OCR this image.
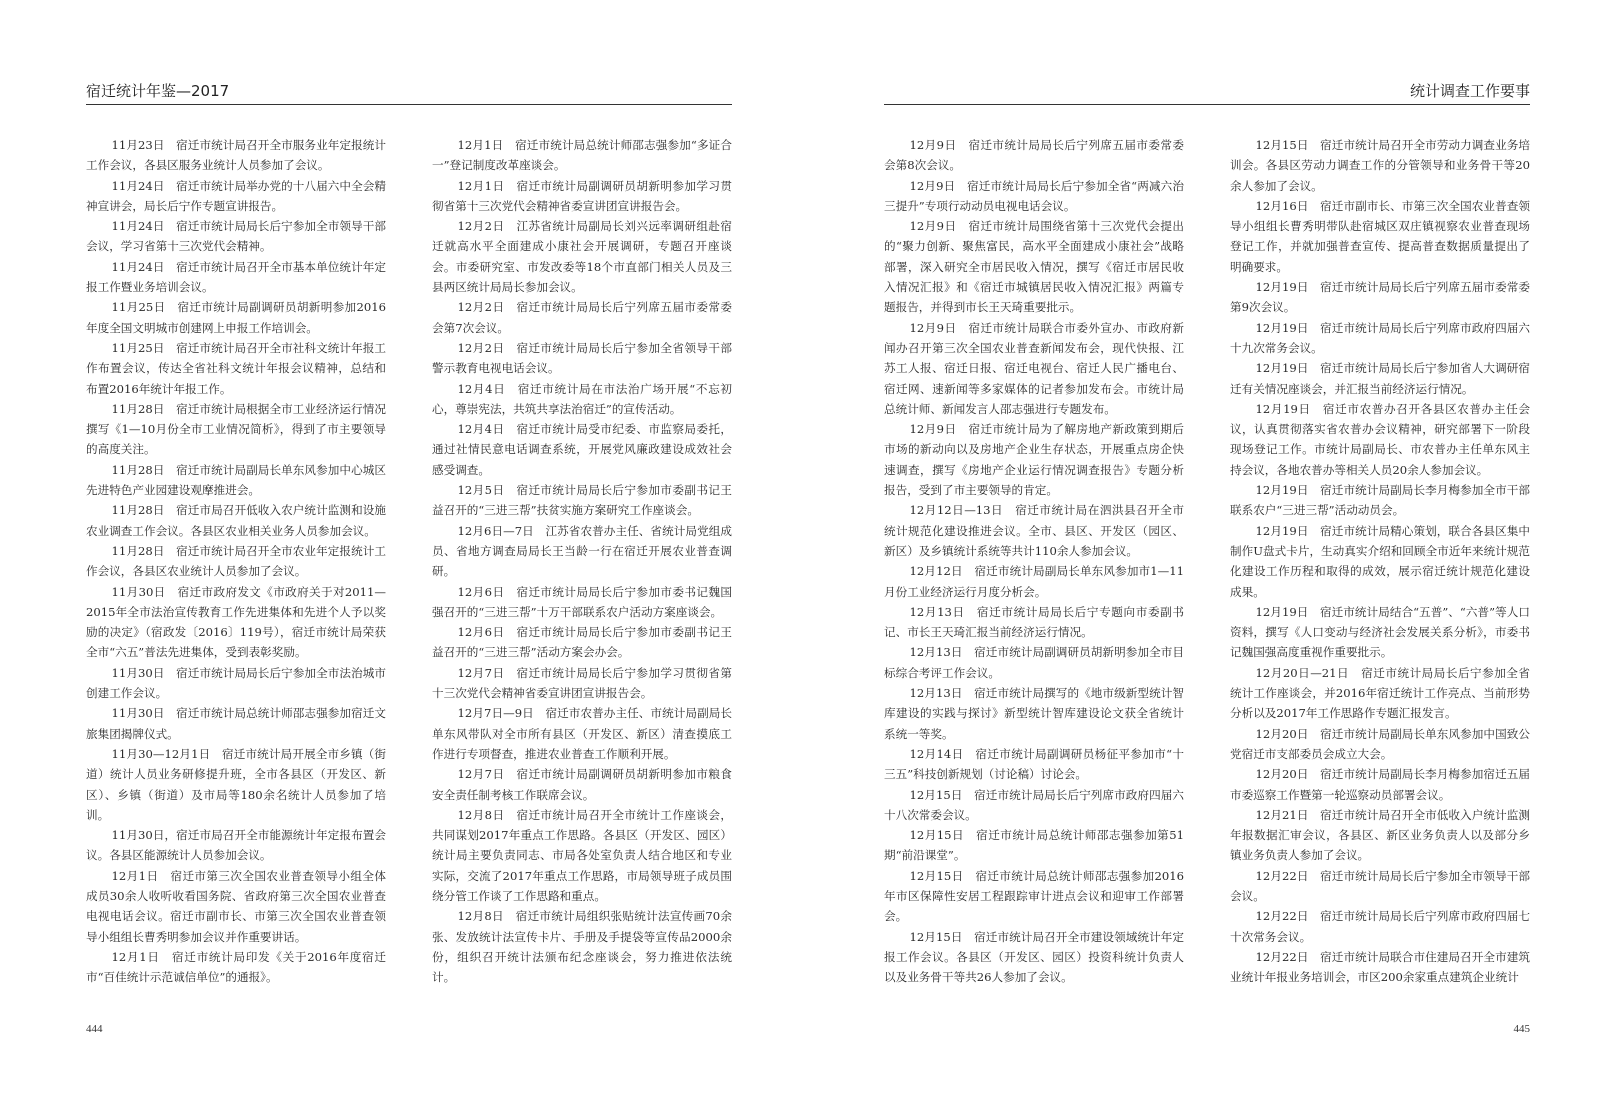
宿迁统计年鉴—2017

11月23日　宿迁市统计局召开全市服务业年定报统计工作会议，各县区服务业统计人员参加了会议。

11月24日　宿迁市统计局举办党的十八届六中全会精神宣讲会，局长后宁作专题宣讲报告。

11月24日　宿迁市统计局局长后宁参加全市领导干部会议，学习省第十三次党代会精神。

11月24日　宿迁市统计局召开全市基本单位统计年定报工作暨业务培训会议。

11月25日　宿迁市统计局副调研员胡新明参加2016年度全国文明城市创建网上申报工作培训会。

11月25日　宿迁市统计局召开全市社科文统计年报工作布置会议，传达全省社科文统计年报会议精神，总结和布置2016年统计年报工作。

11月28日　宿迁市统计局根据全市工业经济运行情况撰写《1—10月份全市工业情况简析》，得到了市主要领导的高度关注。

11月28日　宿迁市统计局副局长单东风参加中心城区先进特色产业园建设观摩推进会。

11月28日　宿迁市局召开低收入农户统计监测和设施农业调查工作会议。各县区农业相关业务人员参加会议。

11月28日　宿迁市统计局召开全市农业年定报统计工作会议，各县区农业统计人员参加了会议。

11月30日　宿迁市政府发文《市政府关于对2011—2015年全市法治宣传教育工作先进集体和先进个人予以奖励的决定》（宿政发〔2016〕119号），宿迁市统计局荣获全市“六五”普法先进集体，受到表彰奖励。

11月30日　宿迁市统计局局长后宁参加全市法治城市创建工作会议。

11月30日　宿迁市统计局总统计师邵志强参加宿迁文旅集团揭牌仪式。

11月30—12月1日　宿迁市统计局开展全市乡镇（街道）统计人员业务研修提升班，全市各县区（开发区、新区）、乡镇（街道）及市局等180余名统计人员参加了培训。

11月30日，宿迁市局召开全市能源统计年定报布置会议。各县区能源统计人员参加会议。

12月1日　宿迁市第三次全国农业普查领导小组全体成员30余人收听收看国务院、省政府第三次全国农业普查电视电话会议。宿迁市副市长、市第三次全国农业普查领导小组组长曹秀明参加会议并作重要讲话。

12月1日　宿迁市统计局印发《关于2016年度宿迁市“百佳统计示范诚信单位”的通报》。

12月1日　宿迁市统计局总统计师邵志强参加“多证合一”登记制度改革座谈会。

12月1日　宿迁市统计局副调研员胡新明参加学习贯彻省第十三次党代会精神省委宣讲团宣讲报告会。

12月2日　江苏省统计局副局长刘兴远率调研组赴宿迁就高水平全面建成小康社会开展调研，专题召开座谈会。市委研究室、市发改委等18个市直部门相关人员及三县两区统计局局长参加会议。

12月2日　宿迁市统计局局长后宁列席五届市委常委会第7次会议。

12月2日　宿迁市统计局局长后宁参加全省领导干部警示教育电视电话会议。

12月4日　宿迁市统计局在市法治广场开展“不忘初心，尊崇宪法，共筑共享法治宿迁”的宣传活动。

12月4日　宿迁市统计局受市纪委、市监察局委托，通过社情民意电话调查系统，开展党风廉政建设成效社会感受调查。

12月5日　宿迁市统计局局长后宁参加市委副书记王益召开的“三进三帮”扶贫实施方案研究工作座谈会。

12月6日—7日　江苏省农普办主任、省统计局党组成员、省地方调查局局长王当龄一行在宿迁开展农业普查调研。

12月6日　宿迁市统计局局长后宁参加市委书记魏国强召开的“三进三帮”十万干部联系农户活动方案座谈会。

12月6日　宿迁市统计局局长后宁参加市委副书记王益召开的“三进三帮”活动方案会办会。

12月7日　宿迁市统计局局长后宁参加学习贯彻省第十三次党代会精神省委宣讲团宣讲报告会。

12月7日—9日　宿迁市农普办主任、市统计局副局长单东风带队对全市所有县区（开发区、新区）清查摸底工作进行专项督查，推进农业普查工作顺利开展。

12月7日　宿迁市统计局副调研员胡新明参加市粮食安全责任制考核工作联席会议。

12月8日　宿迁市统计局召开全市统计工作座谈会，共同谋划2017年重点工作思路。各县区（开发区、园区）统计局主要负责同志、市局各处室负责人结合地区和专业实际，交流了2017年重点工作思路，市局领导班子成员围绕分管工作谈了工作思路和重点。

12月8日　宿迁市统计局组织张贴统计法宣传画70余张、发放统计法宣传卡片、手册及手提袋等宣传品2000余份，组织召开统计法颁布纪念座谈会，努力推进依法统计。

444
统计调查工作要事

12月9日　宿迁市统计局局长后宁列席五届市委常委会第8次会议。

12月9日　宿迁市统计局局长后宁参加全省“两减六治三提升”专项行动动员电视电话会议。

12月9日　宿迁市统计局围绕省第十三次党代会提出的“聚力创新、聚焦富民，高水平全面建成小康社会”战略部署，深入研究全市居民收入情况，撰写《宿迁市居民收入情况汇报》和《宿迁市城镇居民收入情况汇报》两篇专题报告，并得到市长王天琦重要批示。

12月9日　宿迁市统计局联合市委外宣办、市政府新闻办召开第三次全国农业普查新闻发布会，现代快报、江苏工人报、宿迁日报、宿迁电视台、宿迁人民广播电台、宿迁网、速新闻等多家媒体的记者参加发布会。市统计局总统计师、新闻发言人邵志强进行专题发布。

12月9日　宿迁市统计局为了解房地产新政策到期后市场的新动向以及房地产企业生存状态，开展重点房企快速调查，撰写《房地产企业运行情况调查报告》专题分析报告，受到了市主要领导的肯定。

12月12日—13日　宿迁市统计局在泗洪县召开全市统计规范化建设推进会议。全市、县区、开发区（园区、新区）及乡镇统计系统等共计110余人参加会议。

12月12日　宿迁市统计局副局长单东风参加市1—11月份工业经济运行月度分析会。

12月13日　宿迁市统计局局长后宁专题向市委副书记、市长王天琦汇报当前经济运行情况。

12月13日　宿迁市统计局副调研员胡新明参加全市目标综合考评工作会议。

12月13日　宿迁市统计局撰写的《地市级新型统计智库建设的实践与探讨》新型统计智库建设论文获全省统计系统一等奖。

12月14日　宿迁市统计局副调研员杨征平参加市“十三五”科技创新规划（讨论稿）讨论会。

12月15日　宿迁市统计局局长后宁列席市政府四届六十八次常委会议。

12月15日　宿迁市统计局总统计师邵志强参加第51期“前沿课堂”。

12月15日　宿迁市统计局总统计师邵志强参加2016年市区保障性安居工程跟踪审计进点会议和迎审工作部署会。

12月15日　宿迁市统计局召开全市建设领域统计年定报工作会议。各县区（开发区、园区）投资科统计负责人以及业务骨干等共26人参加了会议。

12月15日　宿迁市统计局召开全市劳动力调查业务培训会。各县区劳动力调查工作的分管领导和业务骨干等20余人参加了会议。

12月16日　宿迁市副市长、市第三次全国农业普查领导小组组长曹秀明带队赴宿城区双庄镇视察农业普查现场登记工作，并就加强普查宣传、提高普查数据质量提出了明确要求。

12月19日　宿迁市统计局局长后宁列席五届市委常委第9次会议。

12月19日　宿迁市统计局局长后宁列席市政府四届六十九次常务会议。

12月19日　宿迁市统计局局长后宁参加省人大调研宿迁有关情况座谈会，并汇报当前经济运行情况。

12月19日　宿迁市农普办召开各县区农普办主任会议，认真贯彻落实省农普办会议精神，研究部署下一阶段现场登记工作。市统计局副局长、市农普办主任单东风主持会议，各地农普办等相关人员20余人参加会议。

12月19日　宿迁市统计局副局长李月梅参加全市干部联系农户“三进三帮”活动动员会。

12月19日　宿迁市统计局精心策划，联合各县区集中制作U盘式卡片，生动真实介绍和回顾全市近年来统计规范化建设工作历程和取得的成效，展示宿迁统计规范化建设成果。

12月19日　宿迁市统计局结合“五普”、“六普”等人口资料，撰写《人口变动与经济社会发展关系分析》，市委书记魏国强高度重视作重要批示。

12月20日—21日　宿迁市统计局局长后宁参加全省统计工作座谈会，并2016年宿迁统计工作亮点、当前形势分析以及2017年工作思路作专题汇报发言。

12月20日　宿迁市统计局副局长单东风参加中国致公党宿迁市支部委员会成立大会。

12月20日　宿迁市统计局副局长李月梅参加宿迁五届市委巡察工作暨第一轮巡察动员部署会议。

12月21日　宿迁市统计局召开全市低收入户统计监测年报数据汇审会议，各县区、新区业务负责人以及部分乡镇业务负责人参加了会议。

12月22日　宿迁市统计局局长后宁参加全市领导干部会议。

12月22日　宿迁市统计局局长后宁列席市政府四届七十次常务会议。

12月22日　宿迁市统计局联合市住建局召开全市建筑业统计年报业务培训会，市区200余家重点建筑企业统计

445
